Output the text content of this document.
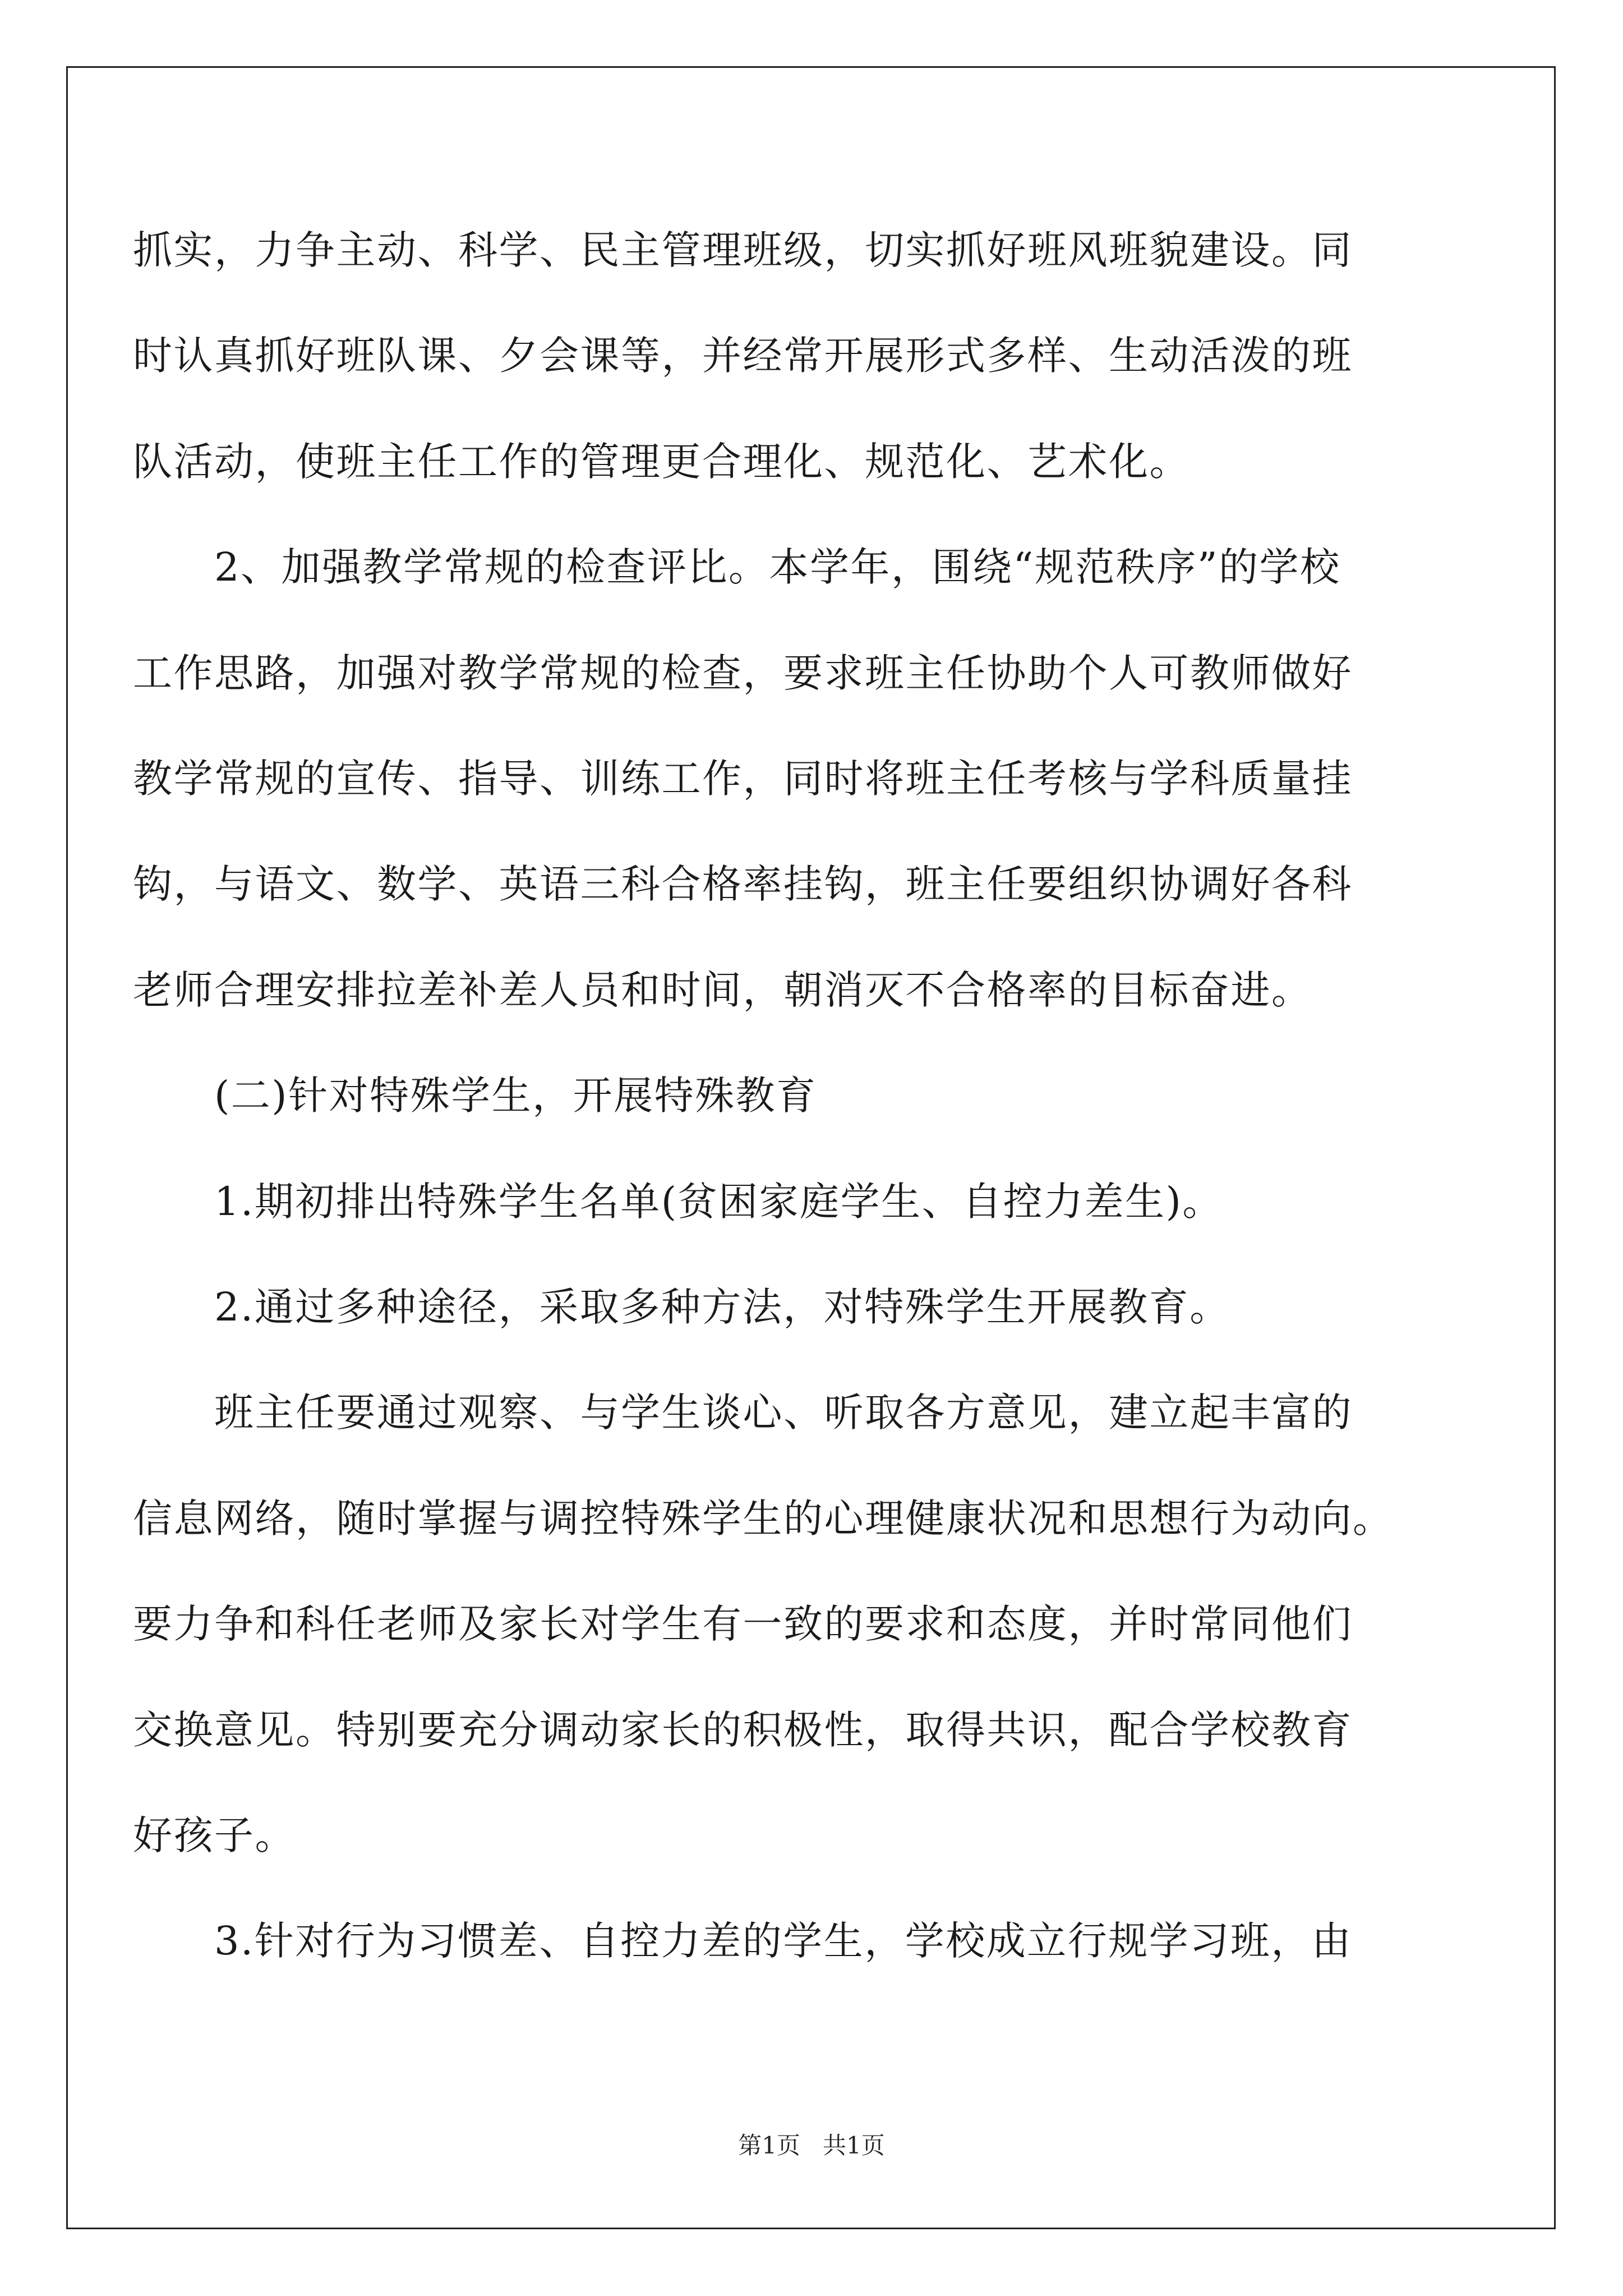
抓实，力争主动、科学、民主管理班级，切实抓好班风班貌建设。同
时认真抓好班队课、夕会课等，并经常开展形式多样、生动活泼的班
队活动，使班主任工作的管理更合理化、规范化、艺术化。
　　2、加强教学常规的检查评比。本学年，围绕“规范秩序”的学校
工作思路，加强对教学常规的检查，要求班主任协助个人可教师做好
教学常规的宣传、指导、训练工作，同时将班主任考核与学科质量挂
钩，与语文、数学、英语三科合格率挂钩，班主任要组织协调好各科
老师合理安排拉差补差人员和时间，朝消灭不合格率的目标奋进。
　　(二)针对特殊学生，开展特殊教育
　　1.期初排出特殊学生名单(贫困家庭学生、自控力差生)。
　　2.通过多种途径，采取多种方法，对特殊学生开展教育。
　　班主任要通过观察、与学生谈心、听取各方意见，建立起丰富的
信息网络，随时掌握与调控特殊学生的心理健康状况和思想行为动向。
要力争和科任老师及家长对学生有一致的要求和态度，并时常同他们
交换意见。特别要充分调动家长的积极性，取得共识，配合学校教育
好孩子。
　　3.针对行为习惯差、自控力差的学生，学校成立行规学习班，由
第1页 共1页
